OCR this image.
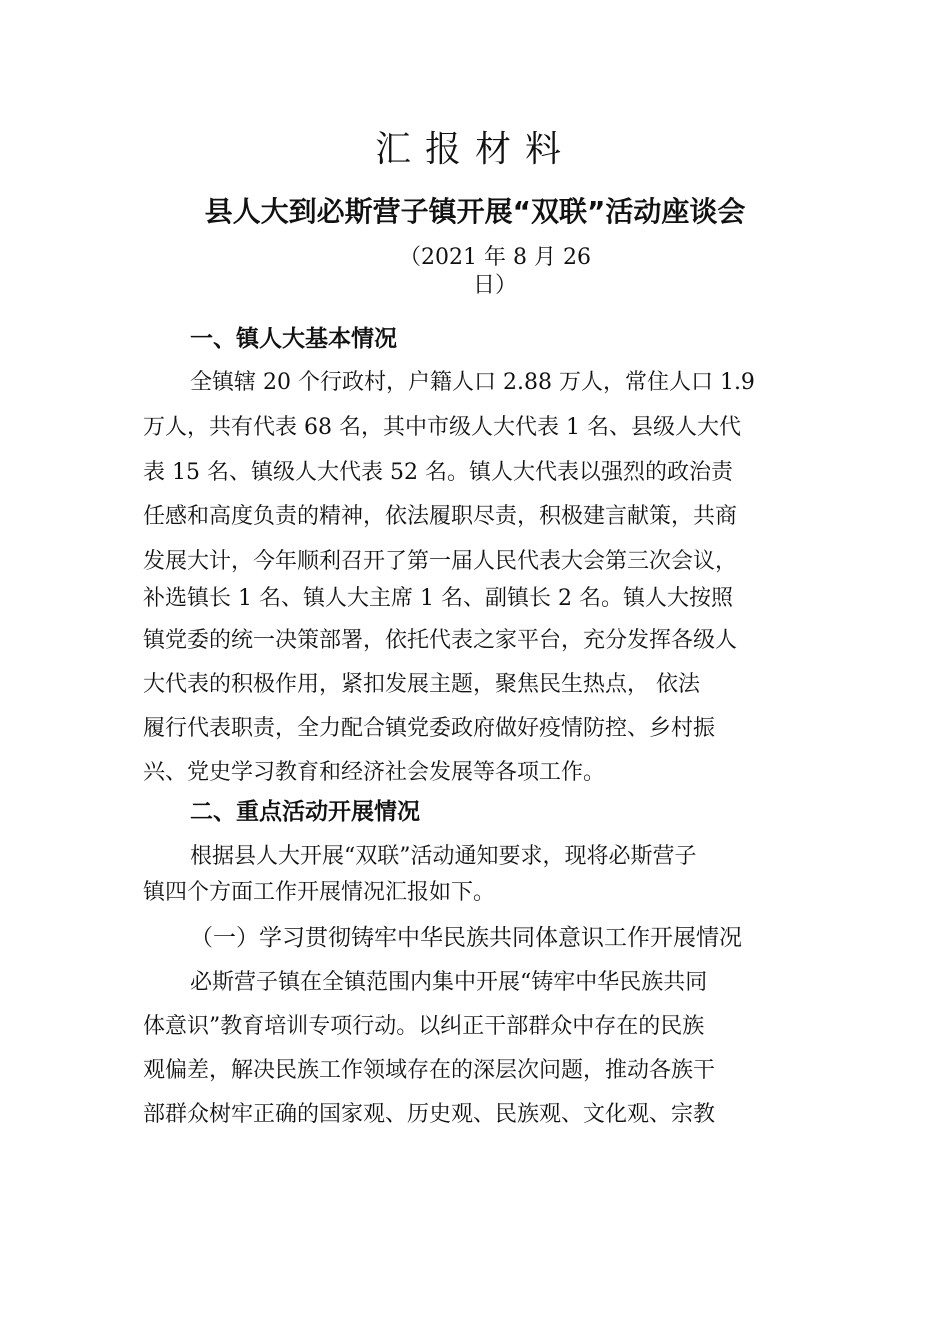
汇报材料
县人大到必斯营子镇开展“双联”活动座谈会
（2021 年 8 月 26
日）
一、镇人大基本情况
全镇辖 20 个行政村，户籍人口 2.88 万人，常住人口 1.9
万人，共有代表 68 名，其中市级人大代表 1 名、县级人大代
表 15 名、镇级人大代表 52 名。镇人大代表以强烈的政治责
任感和高度负责的精神，依法履职尽责，积极建言献策，共商
发展大计，今年顺利召开了第一届人民代表大会第三次会议，
补选镇长 1 名、镇人大主席 1 名、副镇长 2 名。镇人大按照
镇党委的统一决策部署，依托代表之家平台，充分发挥各级人
大代表的积极作用，紧扣发展主题，聚焦民生热点， 依法
履行代表职责，全力配合镇党委政府做好疫情防控、乡村振
兴、党史学习教育和经济社会发展等各项工作。
二、重点活动开展情况
根据县人大开展“双联”活动通知要求，现将必斯营子
镇四个方面工作开展情况汇报如下。
（一）学习贯彻铸牢中华民族共同体意识工作开展情况
必斯营子镇在全镇范围内集中开展“铸牢中华民族共同
体意识”教育培训专项行动。以纠正干部群众中存在的民族
观偏差，解决民族工作领域存在的深层次问题，推动各族干
部群众树牢正确的国家观、历史观、民族观、文化观、宗教
